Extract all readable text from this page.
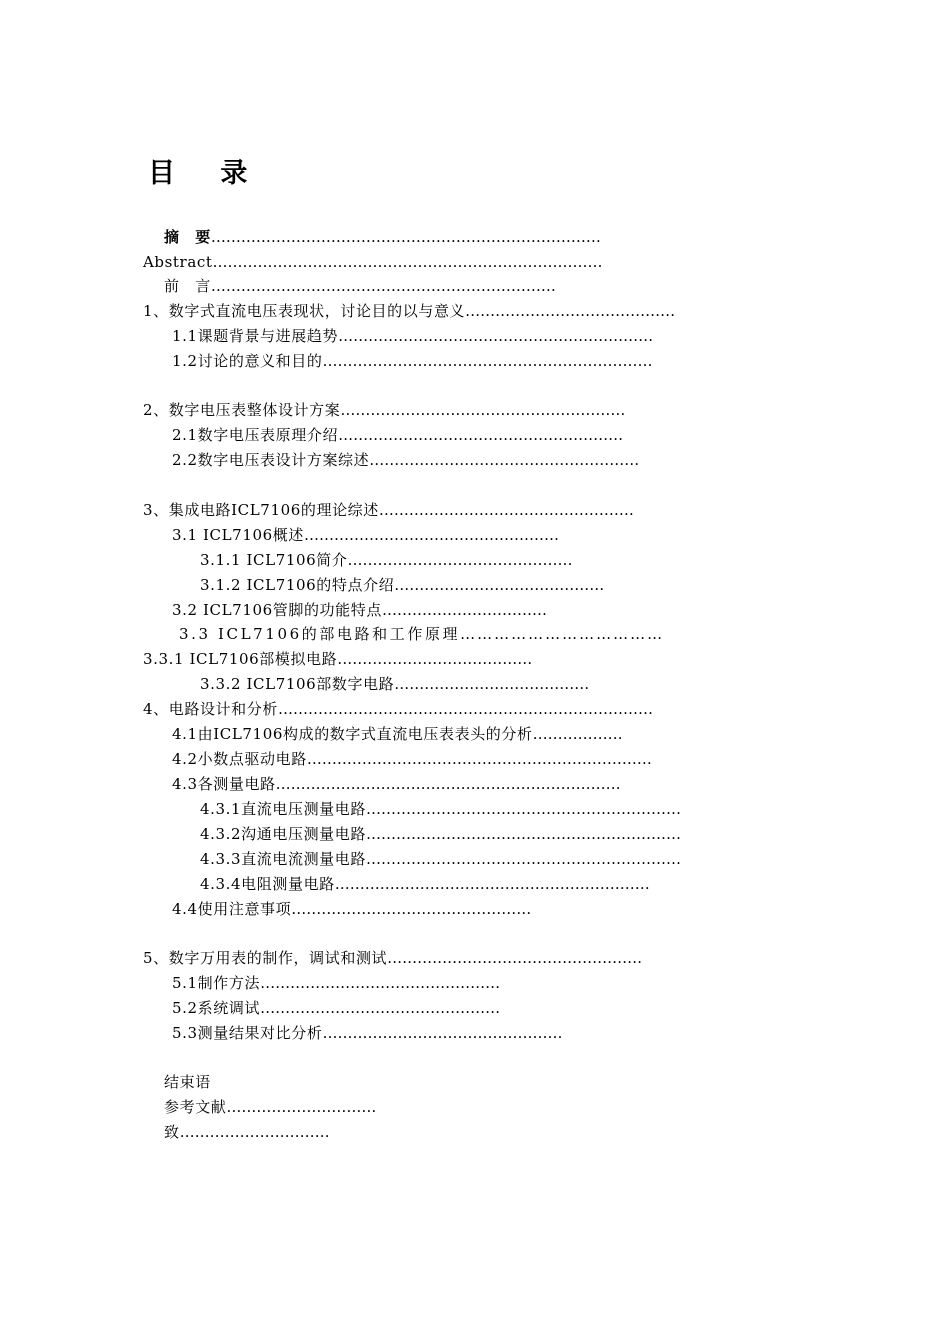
目 录
摘　要……………………………………………………………………
Abstract……………………………………………………………………
前　言……………………………………………………………
1、数字式直流电压表现状，讨论目的以与意义……………………………………
1.1课题背景与进展趋势………………………………………………………
1.2讨论的意义和目的…………………………………………………………
2、数字电压表整体设计方案…………………………………………………
2.1数字电压表原理介绍…………………………………………………
2.2数字电压表设计方案综述………………………………………………
3、集成电路ICL7106的理论综述……………………………………………
3.1 ICL7106概述……………………………………………
3.1.1 ICL7106简介………………………………………
3.1.2 ICL7106的特点介绍……………………………………
3.2 ICL7106管脚的功能特点……………………………
3.3 ICL7106的部电路和工作原理………………………………
3.3.1 ICL7106部模拟电路…………………………………
3.3.2 ICL7106部数字电路…………………………………
4、电路设计和分析…………………………………………………………………
4.1由ICL7106构成的数字式直流电压表表头的分析………………
4.2小数点驱动电路……………………………………………………………
4.3各测量电路……………………………………………………………
4.3.1直流电压测量电路………………………………………………………
4.3.2沟通电压测量电路………………………………………………………
4.3.3直流电流测量电路………………………………………………………
4.3.4电阻测量电路………………………………………………………
4.4使用注意事项…………………………………………
5、数字万用表的制作，调试和测试……………………………………………
5.1制作方法…………………………………………
5.2系统调试…………………………………………
5.3测量结果对比分析…………………………………………
结束语
参考文献…………………………
致…………………………
